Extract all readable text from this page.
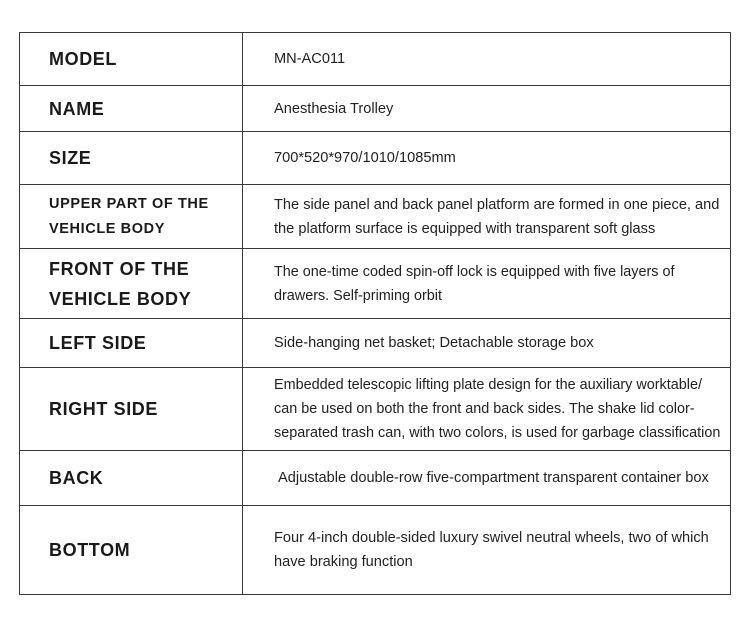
MODEL	MN-AC011
NAME	Anesthesia Trolley
SIZE	700*520*970/1010/1085mm
UPPER PART OF THE VEHICLE BODY	The side panel and back panel platform are formed in one piece, and the platform surface is equipped with transparent soft glass
FRONT OF THE VEHICLE BODY	The one-time coded spin-off lock is equipped with five layers of drawers. Self-priming orbit
LEFT SIDE	Side-hanging net basket; Detachable storage box
RIGHT SIDE	Embedded telescopic lifting plate design for the auxiliary worktable/ can be used on both the front and back sides. The shake lid color-separated trash can, with two colors, is used for garbage classification
BACK	Adjustable double-row five-compartment transparent container box
BOTTOM	Four 4-inch double-sided luxury swivel neutral wheels, two of which have braking function
